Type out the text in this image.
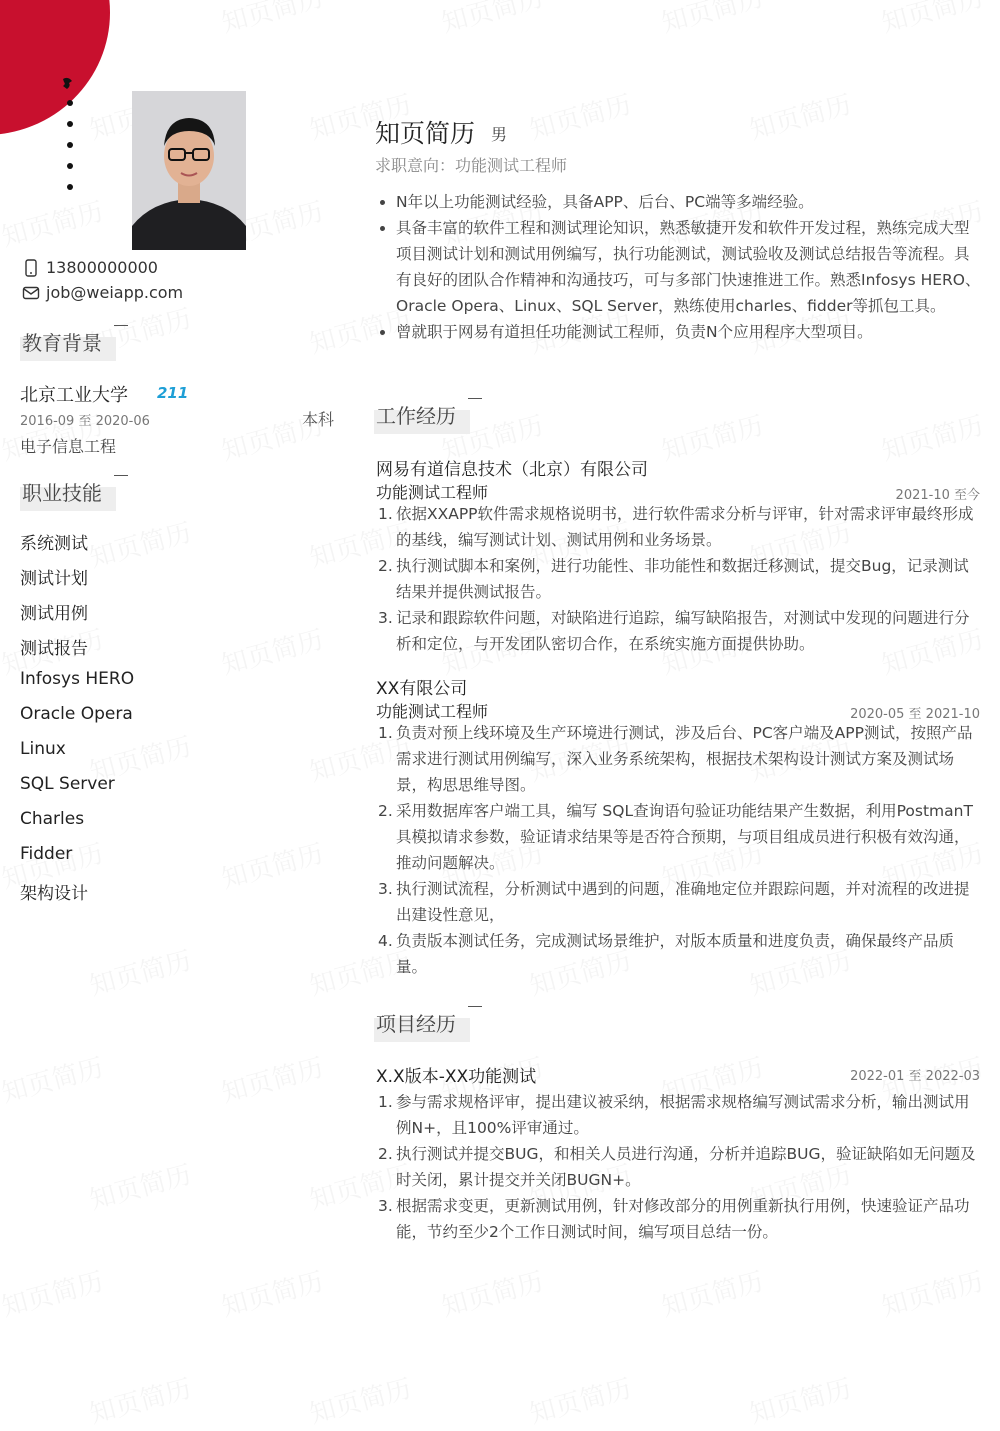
13800000000
job@weiapp.com
教育背景
北京工业大学 211
2016-09 至 2020-06	本科
电子信息工程
职业技能
系统测试
测试计划
测试用例
测试报告
Infosys HERO
Oracle Opera
Linux
SQL Server
Charles
Fidder
架构设计
知页简历 男
求职意向：功能测试工程师
N年以上功能测试经验，具备APP、后台、PC端等多端经验。
具备丰富的软件工程和测试理论知识，熟悉敏捷开发和软件开发过程，熟练完成大型项目测试计划和测试用例编写，执行功能测试，测试验收及测试总结报告等流程。具有良好的团队合作精神和沟通技巧，可与多部门快速推进工作。熟悉Infosys HERO、Oracle Opera、Linux、SQL Server，熟练使用charles、fidder等抓包工具。
曾就职于网易有道担任功能测试工程师，负责N个应用程序大型项目。
工作经历
网易有道信息技术（北京）有限公司
功能测试工程师	2021-10 至今
1. 依据XXAPP软件需求规格说明书，进行软件需求分析与评审，针对需求评审最终形成的基线，编写测试计划、测试用例和业务场景。
2. 执行测试脚本和案例，进行功能性、非功能性和数据迁移测试，提交Bug，记录测试结果并提供测试报告。
3. 记录和跟踪软件问题，对缺陷进行追踪，编写缺陷报告，对测试中发现的问题进行分析和定位，与开发团队密切合作，在系统实施方面提供协助。
XX有限公司
功能测试工程师	2020-05 至 2021-10
1. 负责对预上线环境及生产环境进行测试，涉及后台、PC客户端及APP测试，按照产品需求进行测试用例编写，深入业务系统架构，根据技术架构设计测试方案及测试场景，构思思维导图。
2. 采用数据库客户端工具，编写 SQL查询语句验证功能结果产生数据，利用PostmanT具模拟请求参数，验证请求结果等是否符合预期，与项目组成员进行积极有效沟通，推动问题解决。
3. 执行测试流程，分析测试中遇到的问题，准确地定位并跟踪问题，并对流程的改进提出建设性意见，
4. 负责版本测试任务，完成测试场景维护，对版本质量和进度负责，确保最终产品质量。
项目经历
X.X版本-XX功能测试	2022-01 至 2022-03
1. 参与需求规格评审，提出建议被采纳，根据需求规格编写测试需求分析，输出测试用例N+，且100%评审通过。
2. 执行测试并提交BUG，和相关人员进行沟通，分析并追踪BUG，验证缺陷如无问题及时关闭，累计提交并关闭BUGN+。
3. 根据需求变更，更新测试用例，针对修改部分的用例重新执行用例，快速验证产品功能，节约至少2个工作日测试时间，编写项目总结一份。
